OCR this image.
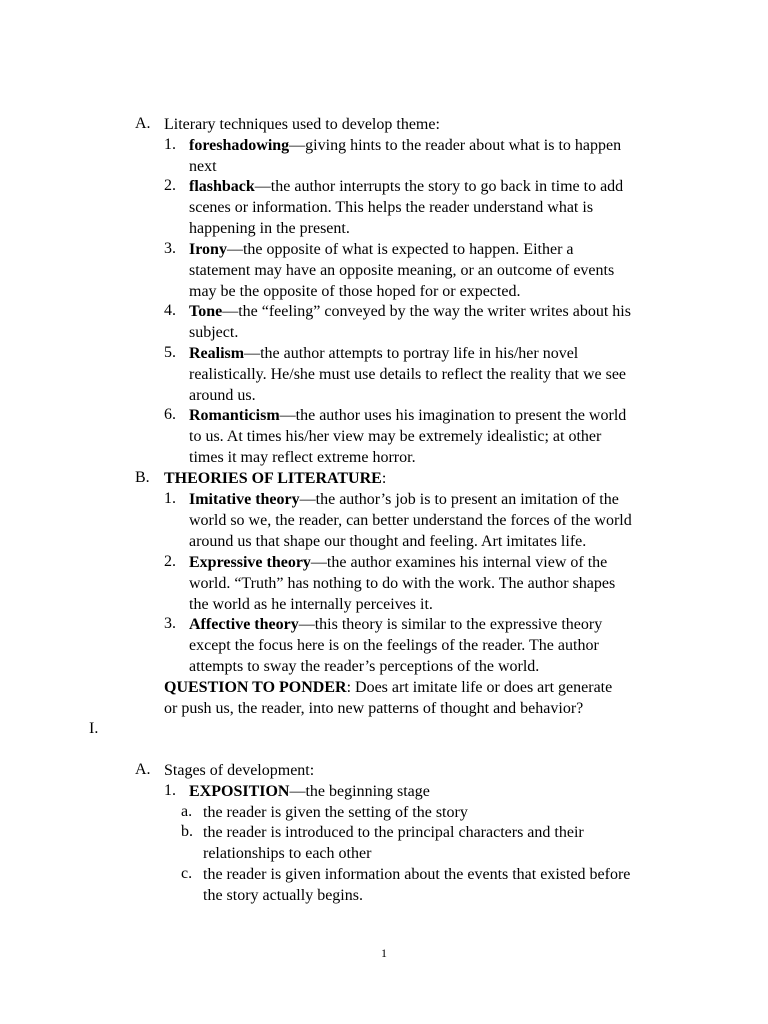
A. Literary techniques used to develop theme:
1. foreshadowing—giving hints to the reader about what is to happen
next
2. flashback—the author interrupts the story to go back in time to add
scenes or information. This helps the reader understand what is
happening in the present.
3. Irony—the opposite of what is expected to happen. Either a
statement may have an opposite meaning, or an outcome of events
may be the opposite of those hoped for or expected.
4. Tone—the “feeling” conveyed by the way the writer writes about his
subject.
5. Realism—the author attempts to portray life in his/her novel
realistically. He/she must use details to reflect the reality that we see
around us.
6. Romanticism—the author uses his imagination to present the world
to us. At times his/her view may be extremely idealistic; at other
times it may reflect extreme horror.
B. THEORIES OF LITERATURE:
1. Imitative theory—the author’s job is to present an imitation of the
world so we, the reader, can better understand the forces of the world
around us that shape our thought and feeling. Art imitates life.
2. Expressive theory—the author examines his internal view of the
world. “Truth” has nothing to do with the work. The author shapes
the world as he internally perceives it.
3. Affective theory—this theory is similar to the expressive theory
except the focus here is on the feelings of the reader. The author
attempts to sway the reader’s perceptions of the world.
QUESTION TO PONDER: Does art imitate life or does art generate
or push us, the reader, into new patterns of thought and behavior?
I.
A. Stages of development:
1. EXPOSITION—the beginning stage
a. the reader is given the setting of the story
b. the reader is introduced to the principal characters and their
relationships to each other
c. the reader is given information about the events that existed before
the story actually begins.
1
